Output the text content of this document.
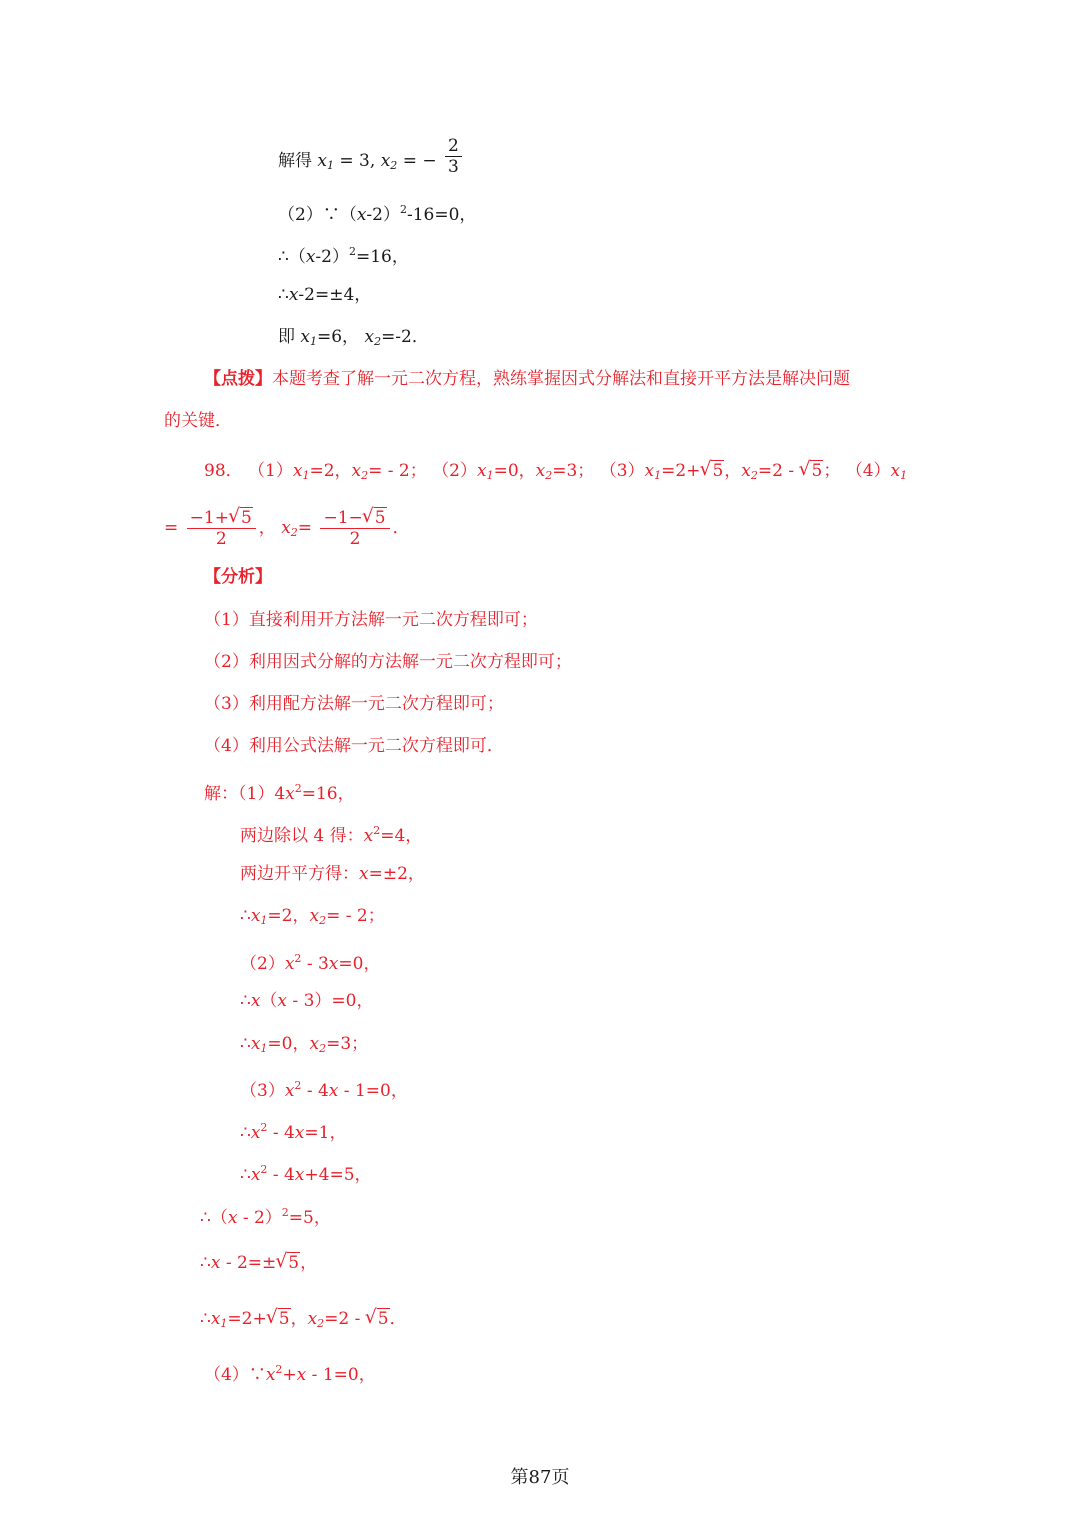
解得 $x_1 = 3$, $x_2$ = − $\frac{2}{3}$
$(2)\because(x-2)^2-16=0$，
$\therefore(x-2)^2=16$，
∴x-2=±4，
即 $x_1=6$， $x_2=-2$．
【点拨】本题考查了解一元二次方程，熟练掌握因式分解法和直接开平方法是解决问题
的关键．
98． $(1)x_1=2$，$x_2= - 2$； $(2)x_1=0$，$x_2=3$； $(3)x_1=2+√$ 5，$x_2=2$ - √ 5； $(4)x_1$
= $\frac{-1+√ 5}{2}$ ， $x_2= \frac{-1-√ 5}{2}$ ．
【分析】
（1）直接利用开方法解一元二次方程即可；
（2）利用因式分解的方法解一元二次方程即可；
（3）利用配方法解一元二次方程即可；
（4）利用公式法解一元二次方程即可．
解：$(1)4x^2=16$，
两边除以 4 得：$x^2=4$，
两边开平方得：x=±2，
$\therefore x_1=2$，$x_2= - 2$；
$(2)x^2 - 3x=0$，
∴x（x - 3）=0，
$\therefore x_1=0$，$x_2=3$；
$(3)x^2 - 4x - 1=0$，
$\therefore x^2 - 4x=1$，
$\therefore x^2 - 4x+4=5$，
∴（x - 2）$^2$=5，
∴x - 2=±√ 5，
$\therefore x_1=2+√$ 5，$x_2=2$ - √ 5．
$(4)\because x^2+x - 1=0$，
第87页
